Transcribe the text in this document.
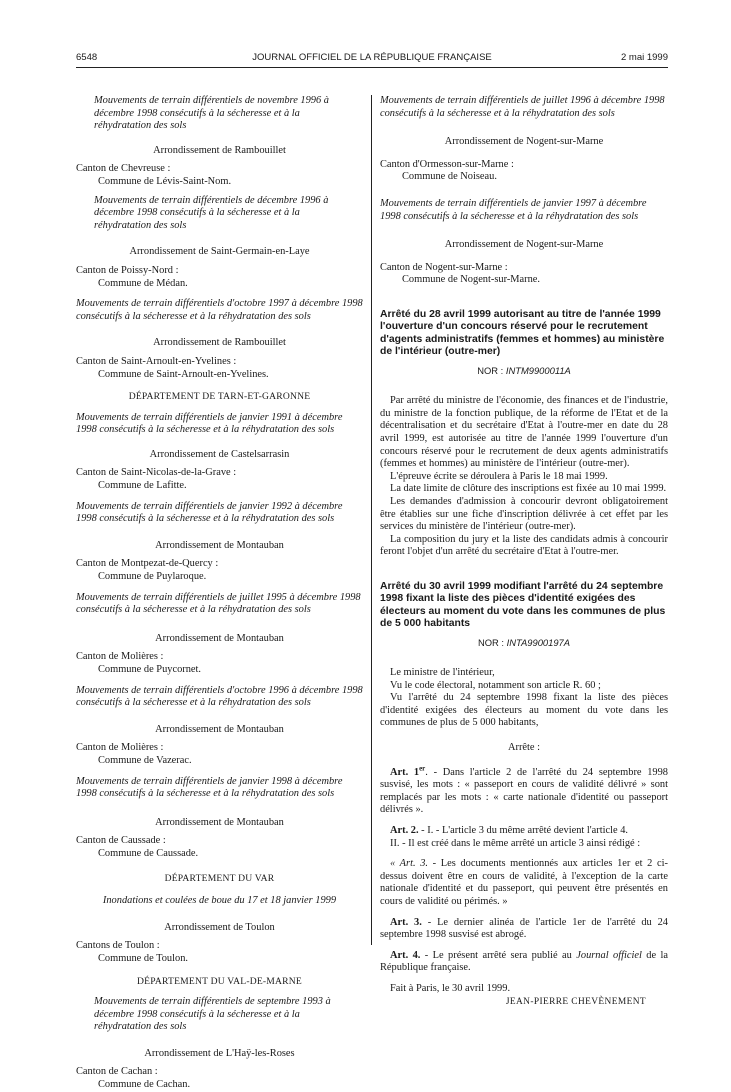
6548	JOURNAL OFFICIEL DE LA RÉPUBLIQUE FRANÇAISE	2 mai 1999
Mouvements de terrain différentiels de novembre 1996 à décembre 1998 consécutifs à la sécheresse et à la réhydratation des sols
Arrondissement de Rambouillet
Canton de Chevreuse :
Commune de Lévis-Saint-Nom.
Mouvements de terrain différentiels de décembre 1996 à décembre 1998 consécutifs à la sécheresse et à la réhydratation des sols
Arrondissement de Saint-Germain-en-Laye
Canton de Poissy-Nord :
Commune de Médan.
Mouvements de terrain différentiels d'octobre 1997 à décembre 1998 consécutifs à la sécheresse et à la réhydratation des sols
Arrondissement de Rambouillet
Canton de Saint-Arnoult-en-Yvelines :
Commune de Saint-Arnoult-en-Yvelines.
DÉPARTEMENT DE TARN-ET-GARONNE
Mouvements de terrain différentiels de janvier 1991 à décembre 1998 consécutifs à la sécheresse et à la réhydratation des sols
Arrondissement de Castelsarrasin
Canton de Saint-Nicolas-de-la-Grave :
Commune de Lafitte.
Mouvements de terrain différentiels de janvier 1992 à décembre 1998 consécutifs à la sécheresse et à la réhydratation des sols
Arrondissement de Montauban
Canton de Montpezat-de-Quercy :
Commune de Puylaroque.
Mouvements de terrain différentiels de juillet 1995 à décembre 1998 consécutifs à la sécheresse et à la réhydratation des sols
Arrondissement de Montauban
Canton de Molières :
Commune de Puycornet.
Mouvements de terrain différentiels d'octobre 1996 à décembre 1998 consécutifs à la sécheresse et à la réhydratation des sols
Arrondissement de Montauban
Canton de Molières :
Commune de Vazerac.
Mouvements de terrain différentiels de janvier 1998 à décembre 1998 consécutifs à la sécheresse et à la réhydratation des sols
Arrondissement de Montauban
Canton de Caussade :
Commune de Caussade.
DÉPARTEMENT DU VAR
Inondations et coulées de boue du 17 et 18 janvier 1999
Arrondissement de Toulon
Cantons de Toulon :
Commune de Toulon.
DÉPARTEMENT DU VAL-DE-MARNE
Mouvements de terrain différentiels de septembre 1993 à décembre 1998 consécutifs à la sécheresse et à la réhydratation des sols
Arrondissement de L'Haÿ-les-Roses
Canton de Cachan :
Commune de Cachan.
Mouvements de terrain différentiels de juillet 1996 à décembre 1998 consécutifs à la sécheresse et à la réhydratation des sols
Arrondissement de Nogent-sur-Marne
Canton d'Ormesson-sur-Marne :
Commune de Noiseau.
Mouvements de terrain différentiels de janvier 1997 à décembre 1998 consécutifs à la sécheresse et à la réhydratation des sols
Arrondissement de Nogent-sur-Marne
Canton de Nogent-sur-Marne :
Commune de Nogent-sur-Marne.
Arrêté du 28 avril 1999 autorisant au titre de l'année 1999 l'ouverture d'un concours réservé pour le recrutement d'agents administratifs (femmes et hommes) au ministère de l'intérieur (outre-mer)
NOR : INTM9900011A
Par arrêté du ministre de l'économie, des finances et de l'industrie, du ministre de la fonction publique, de la réforme de l'Etat et de la décentralisation et du secrétaire d'Etat à l'outre-mer en date du 28 avril 1999, est autorisée au titre de l'année 1999 l'ouverture d'un concours réservé pour le recrutement de deux agents administratifs (femmes et hommes) au ministère de l'intérieur (outre-mer).
L'épreuve écrite se déroulera à Paris le 18 mai 1999.
La date limite de clôture des inscriptions est fixée au 10 mai 1999.
Les demandes d'admission à concourir devront obligatoirement être établies sur une fiche d'inscription délivrée à cet effet par les services du ministère de l'intérieur (outre-mer).
La composition du jury et la liste des candidats admis à concourir feront l'objet d'un arrêté du secrétaire d'Etat à l'outre-mer.
Arrêté du 30 avril 1999 modifiant l'arrêté du 24 septembre 1998 fixant la liste des pièces d'identité exigées des électeurs au moment du vote dans les communes de plus de 5 000 habitants
NOR : INTA9900197A
Le ministre de l'intérieur,
Vu le code électoral, notamment son article R. 60 ;
Vu l'arrêté du 24 septembre 1998 fixant la liste des pièces d'identité exigées des électeurs au moment du vote dans les communes de plus de 5 000 habitants,
Arrête :
Art. 1er. - Dans l'article 2 de l'arrêté du 24 septembre 1998 susvisé, les mots : « passeport en cours de validité délivré » sont remplacés par les mots : « carte nationale d'identité ou passeport délivrés ».
Art. 2. - I. - L'article 3 du même arrêté devient l'article 4.
II. - Il est créé dans le même arrêté un article 3 ainsi rédigé :
« Art. 3. - Les documents mentionnés aux articles 1er et 2 ci-dessus doivent être en cours de validité, à l'exception de la carte nationale d'identité et du passeport, qui peuvent être présentés en cours de validité ou périmés. »
Art. 3. - Le dernier alinéa de l'article 1er de l'arrêté du 24 septembre 1998 susvisé est abrogé.
Art. 4. - Le présent arrêté sera publié au Journal officiel de la République française.
Fait à Paris, le 30 avril 1999.
JEAN-PIERRE CHEVÈNEMENT
